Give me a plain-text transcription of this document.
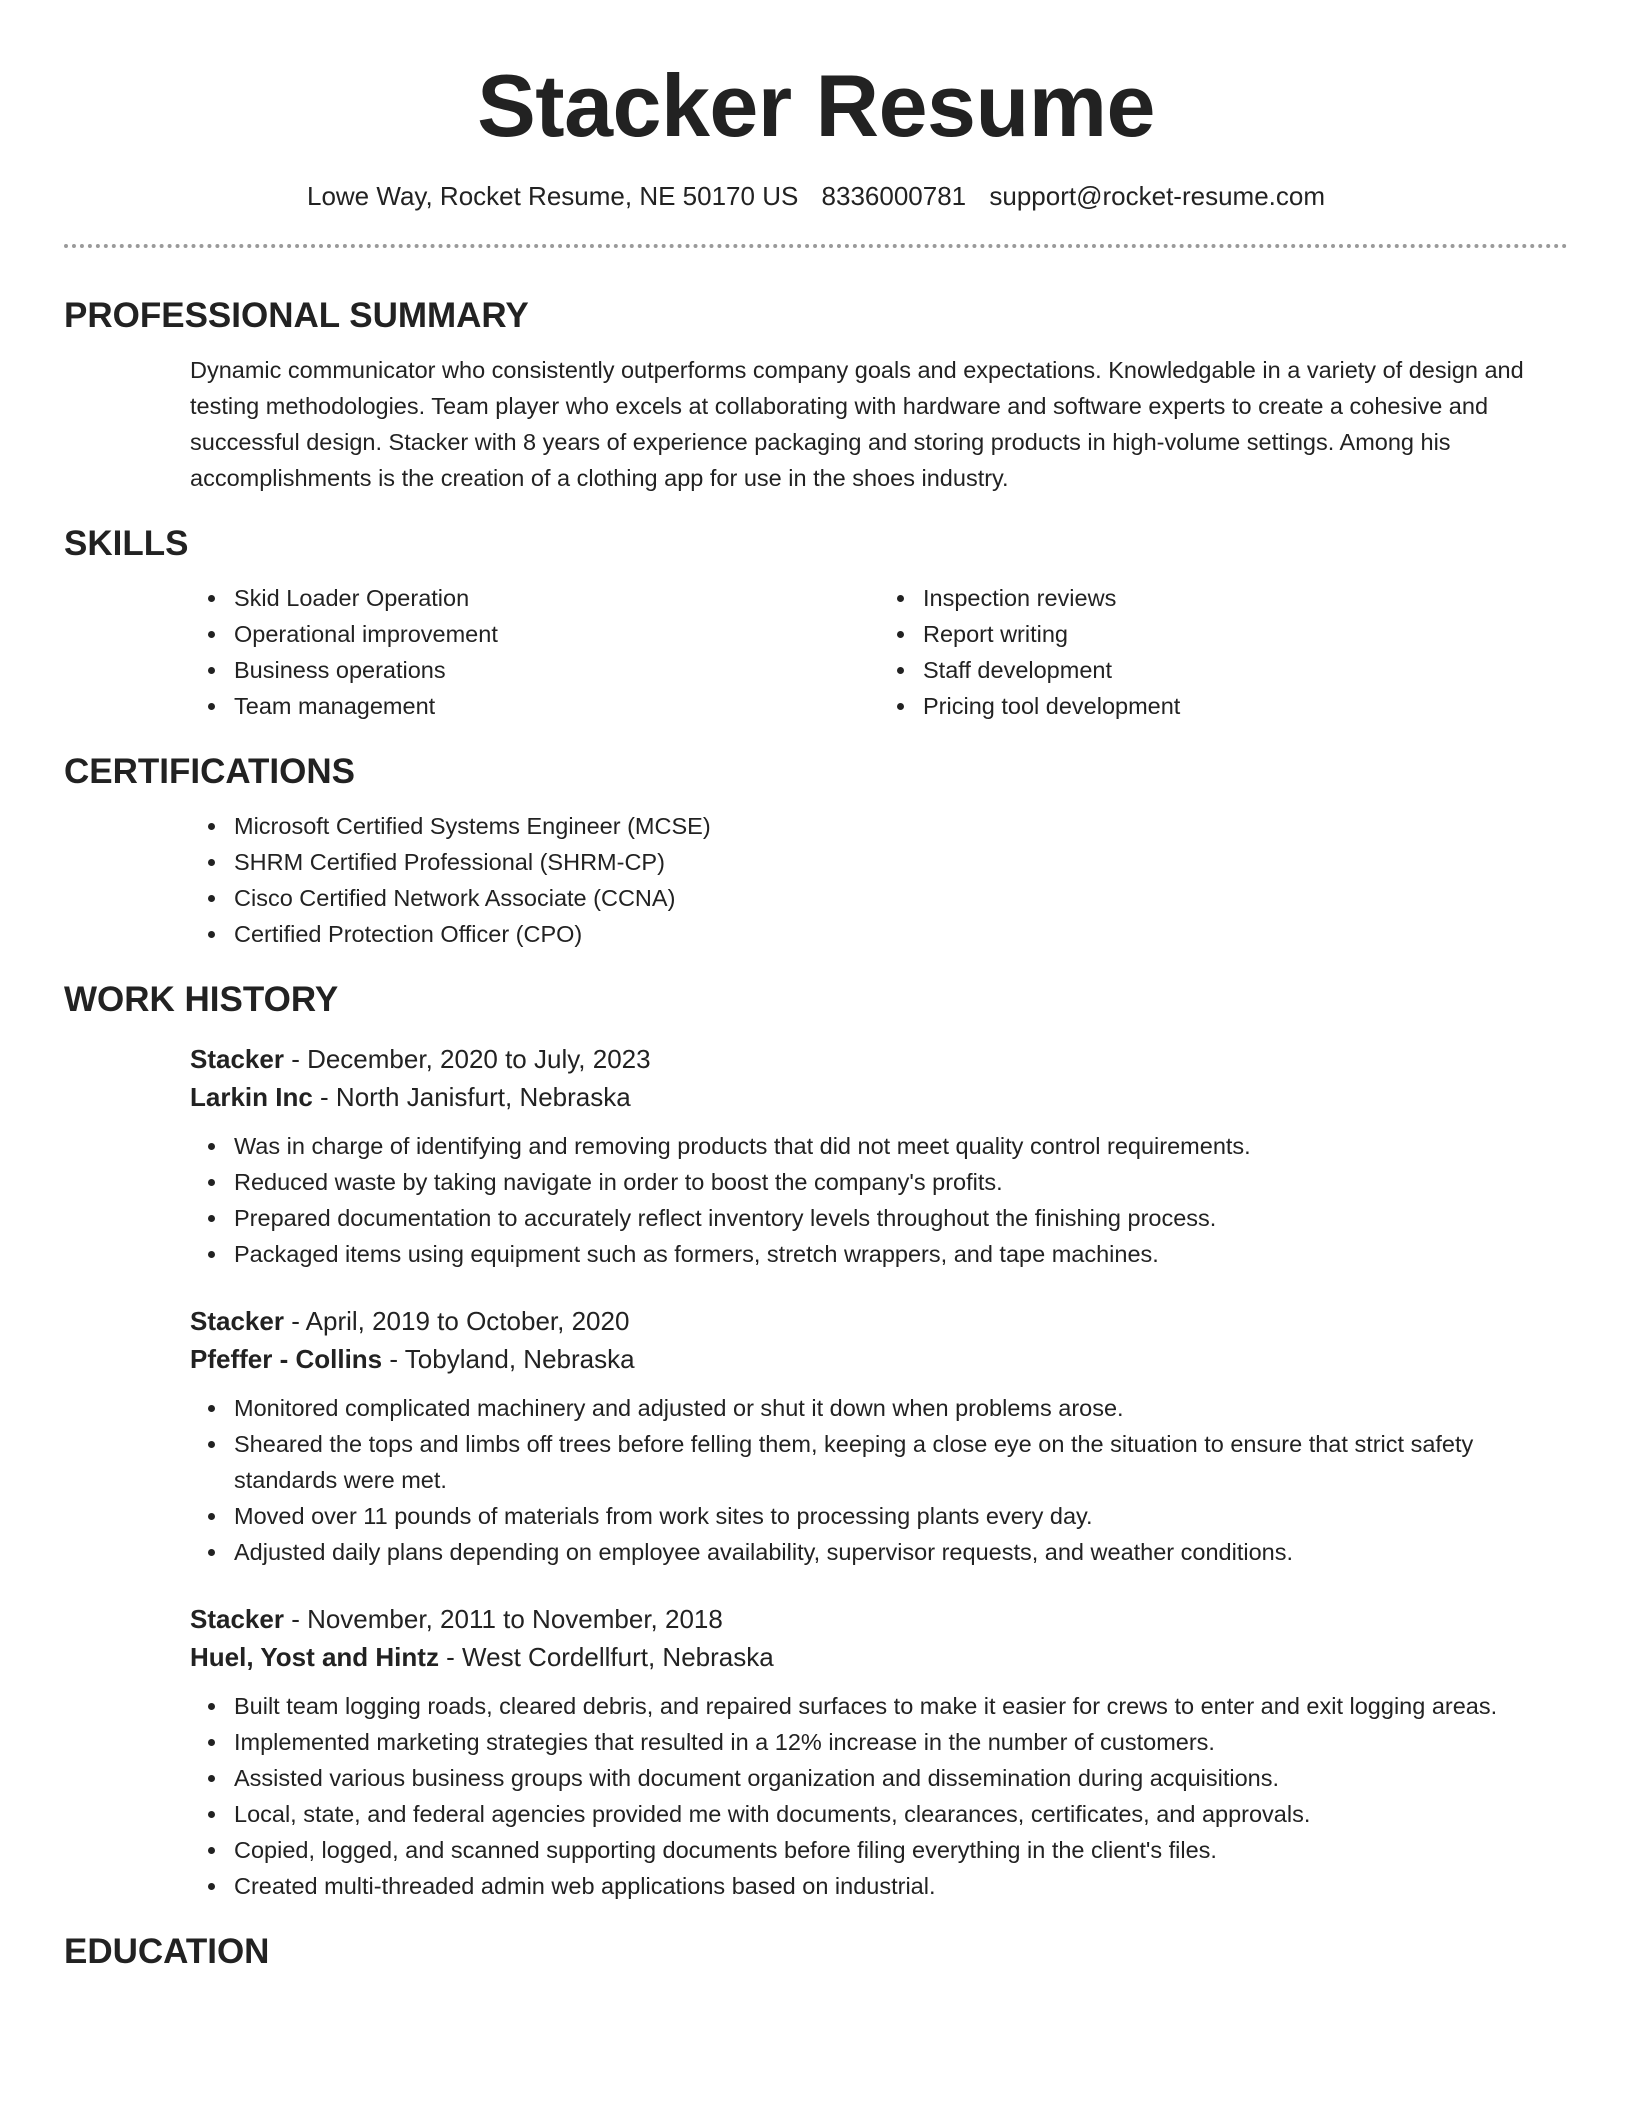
Stacker Resume
Lowe Way, Rocket Resume, NE 50170 US 8336000781 support@rocket-resume.com
PROFESSIONAL SUMMARY
Dynamic communicator who consistently outperforms company goals and expectations. Knowledgable in a variety of design and testing methodologies. Team player who excels at collaborating with hardware and software experts to create a cohesive and successful design. Stacker with 8 years of experience packaging and storing products in high-volume settings. Among his accomplishments is the creation of a clothing app for use in the shoes industry.
SKILLS
Skid Loader Operation
Operational improvement
Business operations
Team management
Inspection reviews
Report writing
Staff development
Pricing tool development
CERTIFICATIONS
Microsoft Certified Systems Engineer (MCSE)
SHRM Certified Professional (SHRM-CP)
Cisco Certified Network Associate (CCNA)
Certified Protection Officer (CPO)
WORK HISTORY
Stacker - December, 2020 to July, 2023
Larkin Inc - North Janisfurt, Nebraska
Was in charge of identifying and removing products that did not meet quality control requirements.
Reduced waste by taking navigate in order to boost the company's profits.
Prepared documentation to accurately reflect inventory levels throughout the finishing process.
Packaged items using equipment such as formers, stretch wrappers, and tape machines.
Stacker - April, 2019 to October, 2020
Pfeffer - Collins - Tobyland, Nebraska
Monitored complicated machinery and adjusted or shut it down when problems arose.
Sheared the tops and limbs off trees before felling them, keeping a close eye on the situation to ensure that strict safety standards were met.
Moved over 11 pounds of materials from work sites to processing plants every day.
Adjusted daily plans depending on employee availability, supervisor requests, and weather conditions.
Stacker - November, 2011 to November, 2018
Huel, Yost and Hintz - West Cordellfurt, Nebraska
Built team logging roads, cleared debris, and repaired surfaces to make it easier for crews to enter and exit logging areas.
Implemented marketing strategies that resulted in a 12% increase in the number of customers.
Assisted various business groups with document organization and dissemination during acquisitions.
Local, state, and federal agencies provided me with documents, clearances, certificates, and approvals.
Copied, logged, and scanned supporting documents before filing everything in the client's files.
Created multi-threaded admin web applications based on industrial.
EDUCATION
